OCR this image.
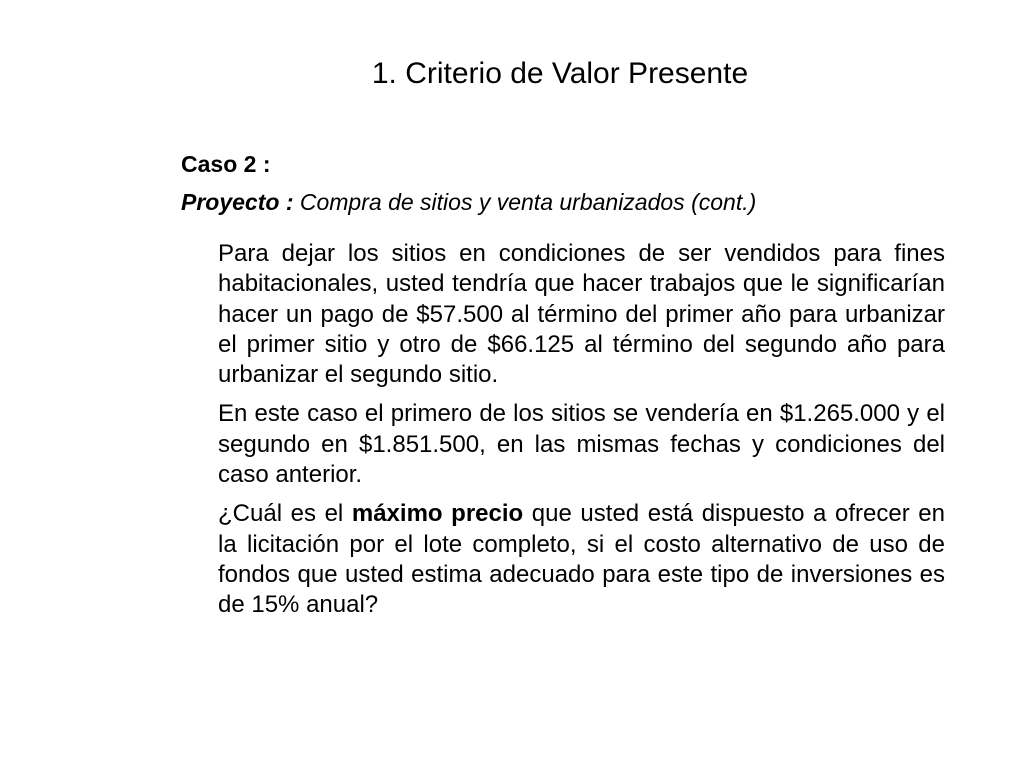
1. Criterio de Valor Presente
Caso 2 :
Proyecto : Compra de sitios y venta urbanizados (cont.)

Para dejar los sitios en condiciones de ser vendidos para fines habitacionales, usted tendría que hacer trabajos que le significarían hacer un pago de $57.500 al término del primer año para urbanizar el primer sitio y otro de $66.125 al término del segundo año para urbanizar el segundo sitio.

En este caso el primero de los sitios se vendería en $1.265.000 y el segundo en $1.851.500, en las mismas fechas y condiciones del caso anterior.

¿Cuál es el máximo precio que usted está dispuesto a ofrecer en la licitación por el lote completo, si el costo alternativo de uso de fondos que usted estima adecuado para este tipo de inversiones es de 15% anual?
